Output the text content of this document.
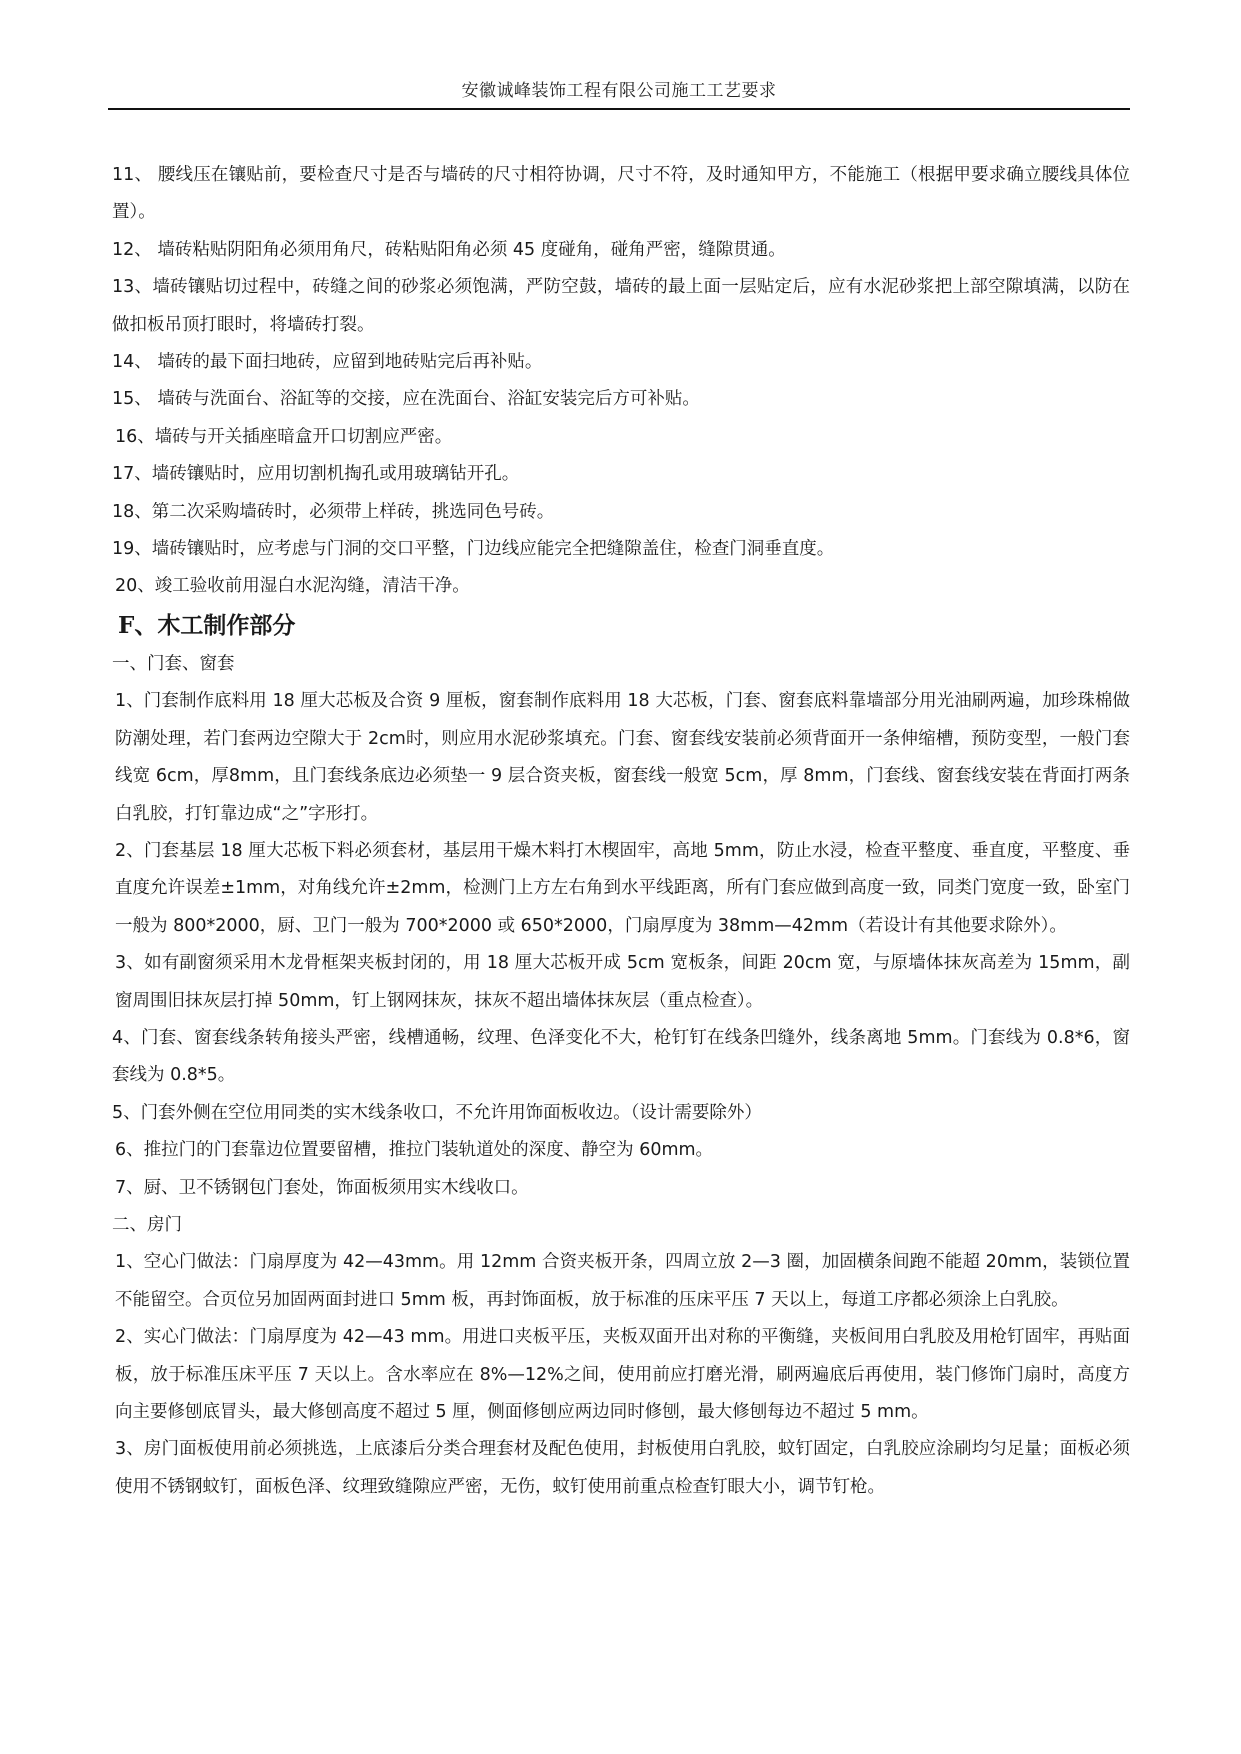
安徽诚峰装饰工程有限公司施工工艺要求

11、 腰线压在镶贴前，要检查尺寸是否与墙砖的尺寸相符协调，尺寸不符，及时通知甲方，不能施工（根据甲要求确立腰线具体位置）。

12、 墙砖粘贴阴阳角必须用角尺，砖粘贴阳角必须 45 度碰角，碰角严密，缝隙贯通。

13、墙砖镶贴切过程中，砖缝之间的砂浆必须饱满，严防空鼓，墙砖的最上面一层贴定后，应有水泥砂浆把上部空隙填满，以防在做扣板吊顶打眼时，将墙砖打裂。

14、 墙砖的最下面扫地砖，应留到地砖贴完后再补贴。

15、 墙砖与洗面台、浴缸等的交接，应在洗面台、浴缸安装完后方可补贴。

16、墙砖与开关插座暗盒开口切割应严密。

17、墙砖镶贴时，应用切割机掏孔或用玻璃钻开孔。

18、第二次采购墙砖时，必须带上样砖，挑选同色号砖。

19、墙砖镶贴时，应考虑与门洞的交口平整，门边线应能完全把缝隙盖住，检查门洞垂直度。

20、竣工验收前用湿白水泥沟缝，清洁干净。

F、木工制作部分

一、门套、窗套

1、门套制作底料用 18 厘大芯板及合资 9 厘板，窗套制作底料用 18 大芯板，门套、窗套底料靠墙部分用光油刷两遍，加珍珠棉做防潮处理，若门套两边空隙大于 2cm时，则应用水泥砂浆填充。门套、窗套线安装前必须背面开一条伸缩槽，预防变型，一般门套线宽 6cm，厚8mm，且门套线条底边必须垫一 9 层合资夹板，窗套线一般宽 5cm，厚 8mm，门套线、窗套线安装在背面打两条白乳胶，打钉靠边成“之”字形打。

2、门套基层 18 厘大芯板下料必须套材，基层用干燥木料打木楔固牢，高地 5mm，防止水浸，检查平整度、垂直度，平整度、垂直度允许误差±1mm，对角线允许±2mm，检测门上方左右角到水平线距离，所有门套应做到高度一致，同类门宽度一致，卧室门一般为 800*2000，厨、卫门一般为 700*2000 或 650*2000，门扇厚度为 38mm—42mm（若设计有其他要求除外）。

3、如有副窗须采用木龙骨框架夹板封闭的，用 18 厘大芯板开成 5cm 宽板条，间距 20cm 宽，与原墙体抹灰高差为 15mm，副窗周围旧抹灰层打掉 50mm，钉上钢网抹灰，抹灰不超出墙体抹灰层（重点检查）。

4、门套、窗套线条转角接头严密，线槽通畅，纹理、色泽变化不大，枪钉钉在线条凹缝外，线条离地 5mm。门套线为 0.8*6，窗套线为 0.8*5。

5、门套外侧在空位用同类的实木线条收口，不允许用饰面板收边。（设计需要除外）

6、推拉门的门套靠边位置要留槽，推拉门装轨道处的深度、静空为 60mm。

7、厨、卫不锈钢包门套处，饰面板须用实木线收口。

二、房门

1、空心门做法：门扇厚度为 42—43mm。用 12mm 合资夹板开条，四周立放 2—3 圈，加固横条间跑不能超 20mm，装锁位置不能留空。合页位另加固两面封进口 5mm 板，再封饰面板，放于标准的压床平压 7 天以上，每道工序都必须涂上白乳胶。

2、实心门做法：门扇厚度为 42—43 mm。用进口夹板平压，夹板双面开出对称的平衡缝，夹板间用白乳胶及用枪钉固牢，再贴面板，放于标准压床平压 7 天以上。含水率应在 8%—12%之间，使用前应打磨光滑，刷两遍底后再使用，装门修饰门扇时，高度方向主要修刨底冒头，最大修刨高度不超过 5 厘，侧面修刨应两边同时修刨，最大修刨每边不超过 5 mm。

3、房门面板使用前必须挑选，上底漆后分类合理套材及配色使用，封板使用白乳胶，蚊钉固定，白乳胶应涂刷均匀足量；面板必须使用不锈钢蚊钉，面板色泽、纹理致缝隙应严密，无伤，蚊钉使用前重点检查钉眼大小，调节钉枪。
